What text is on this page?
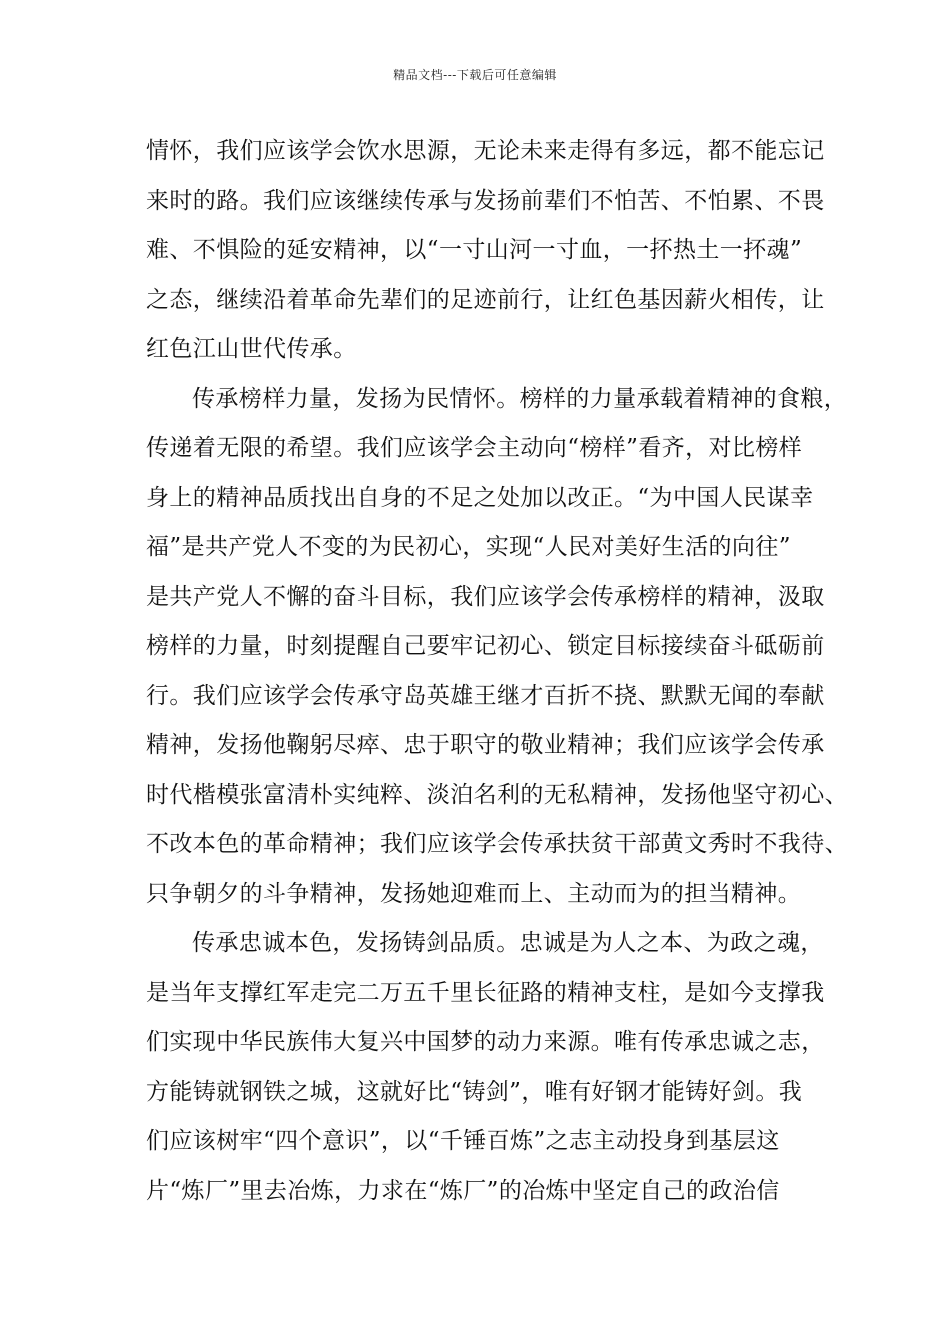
精品文档---下载后可任意编辑
情怀，我们应该学会饮水思源，无论未来走得有多远，都不能忘记
来时的路。我们应该继续传承与发扬前辈们不怕苦、不怕累、不畏
难、不惧险的延安精神，以“一寸山河一寸血，一抔热土一抔魂”
之态，继续沿着革命先辈们的足迹前行，让红色基因薪火相传，让
红色江山世代传承。
传承榜样力量，发扬为民情怀。榜样的力量承载着精神的食粮，
传递着无限的希望。我们应该学会主动向“榜样”看齐，对比榜样
身上的精神品质找出自身的不足之处加以改正。“为中国人民谋幸
福”是共产党人不变的为民初心，实现“人民对美好生活的向往”
是共产党人不懈的奋斗目标，我们应该学会传承榜样的精神，汲取
榜样的力量，时刻提醒自己要牢记初心、锁定目标接续奋斗砥砺前
行。我们应该学会传承守岛英雄王继才百折不挠、默默无闻的奉献
精神，发扬他鞠躬尽瘁、忠于职守的敬业精神；我们应该学会传承
时代楷模张富清朴实纯粹、淡泊名利的无私精神，发扬他坚守初心、
不改本色的革命精神；我们应该学会传承扶贫干部黄文秀时不我待、
只争朝夕的斗争精神，发扬她迎难而上、主动而为的担当精神。
传承忠诚本色，发扬铸剑品质。忠诚是为人之本、为政之魂，
是当年支撑红军走完二万五千里长征路的精神支柱，是如今支撑我
们实现中华民族伟大复兴中国梦的动力来源。唯有传承忠诚之志，
方能铸就钢铁之城，这就好比“铸剑”，唯有好钢才能铸好剑。我
们应该树牢“四个意识”，以“千锤百炼”之志主动投身到基层这
片“炼厂”里去冶炼，力求在“炼厂”的冶炼中坚定自己的政治信
